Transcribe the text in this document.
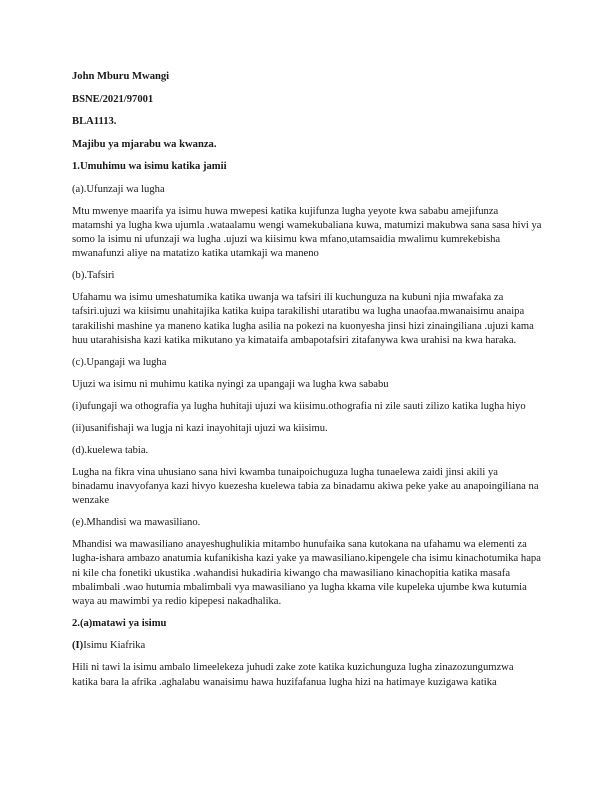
John Mburu Mwangi

BSNE/2021/97001

BLA1113.

Majibu ya mjarabu wa kwanza.

1.Umuhimu wa isimu katika jamii

(a).Ufunzaji wa lugha

Mtu mwenye maarifa ya isimu huwa mwepesi katika kujifunza lugha yeyote kwa sababu amejifunza matamshi ya lugha kwa ujumla .wataalamu wengi wamekubaliana kuwa, matumizi makubwa sana sasa hivi ya somo la isimu ni ufunzaji wa lugha .ujuzi wa kiisimu kwa mfano,utamsaidia mwalimu kumrekebisha mwanafunzi aliye na matatizo katika utamkaji wa maneno

(b).Tafsiri

Ufahamu wa isimu umeshatumika katika uwanja wa tafsiri ili kuchunguza na kubuni njia mwafaka za tafsiri.ujuzi wa kiisimu unahitajika katika kuipa tarakilishi utaratibu wa lugha unaofaa.mwanaisimu anaipa tarakilishi mashine ya maneno katika lugha asilia na pokezi na kuonyesha jinsi hizi zinaingiliana .ujuzi kama huu utarahisisha kazi katika mikutano ya kimataifa ambapotafsiri zitafanywa kwa urahisi na kwa haraka.

(c).Upangaji wa lugha

Ujuzi wa isimu ni muhimu katika nyingi za upangaji wa lugha kwa sababu

(i)ufungaji wa othografia ya lugha huhitaji ujuzi wa kiisimu.othografia ni zile sauti zilizo katika lugha hiyo

(ii)usanifishaji wa lugja ni kazi inayohitaji ujuzi wa kiisimu.

(d).kuelewa tabia.

Lugha na fikra vina uhusiano sana hivi kwamba tunaipoichuguza lugha tunaelewa zaidi jinsi akili ya binadamu inavyofanya kazi hivyo kuezesha kuelewa tabia za binadamu akiwa peke yake au anapoingiliana na wenzake

(e).Mhandisi wa mawasiliano.

Mhandisi wa mawasiliano anayeshughulikia mitambo hunufaika sana kutokana na ufahamu wa elementi za lugha-ishara ambazo anatumia kufanikisha kazi yake ya mawasiliano.kipengele cha isimu kinachotumika hapa ni kile cha fonetiki ukustika .wahandisi hukadiria kiwango cha mawasiliano kinachopitia katika masafa mbalimbali .wao hutumia mbalimbali vya mawasiliano ya lugha kkama vile kupeleka ujumbe kwa kutumia waya au mawimbi ya redio kipepesi nakadhalika.

2.(a)matawi ya isimu

(I)Isimu Kiafrika

Hili ni tawi la isimu ambalo limeelekeza juhudi zake zote katika kuzichunguza lugha zinazozungumzwa katika bara la afrika .aghalabu wanaisimu hawa huzifafanua lugha hizi na hatimaye kuzigawa katika
